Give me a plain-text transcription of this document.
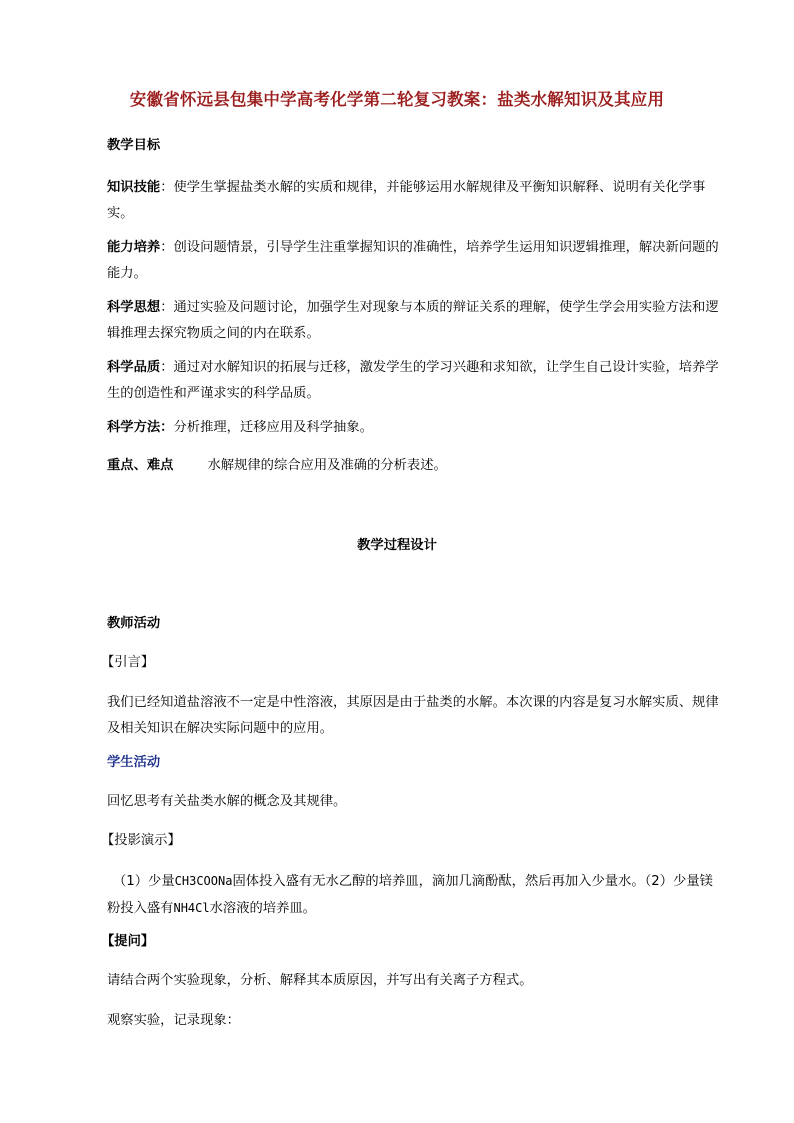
安徽省怀远县包集中学高考化学第二轮复习教案：盐类水解知识及其应用
教学目标
知识技能：使学生掌握盐类水解的实质和规律，并能够运用水解规律及平衡知识解释、说明有关化学事实。
能力培养：创设问题情景，引导学生注重掌握知识的准确性，培养学生运用知识逻辑推理，解决新问题的能力。
科学思想：通过实验及问题讨论，加强学生对现象与本质的辩证关系的理解，使学生学会用实验方法和逻辑推理去探究物质之间的内在联系。
科学品质：通过对水解知识的拓展与迁移，激发学生的学习兴趣和求知欲，让学生自己设计实验，培养学生的创造性和严谨求实的科学品质。
科学方法：分析推理，迁移应用及科学抽象。
重点、难点	水解规律的综合应用及准确的分析表述。
教学过程设计
教师活动
【引言】
我们已经知道盐溶液不一定是中性溶液，其原因是由于盐类的水解。本次课的内容是复习水解实质、规律及相关知识在解决实际问题中的应用。
学生活动
回忆思考有关盐类水解的概念及其规律。
【投影演示】
（1）少量CH3COONa固体投入盛有无水乙醇的培养皿，滴加几滴酚酞，然后再加入少量水。（2）少量镁粉投入盛有NH4Cl水溶液的培养皿。
【提问】
请结合两个实验现象，分析、解释其本质原因，并写出有关离子方程式。
观察实验，记录现象：
